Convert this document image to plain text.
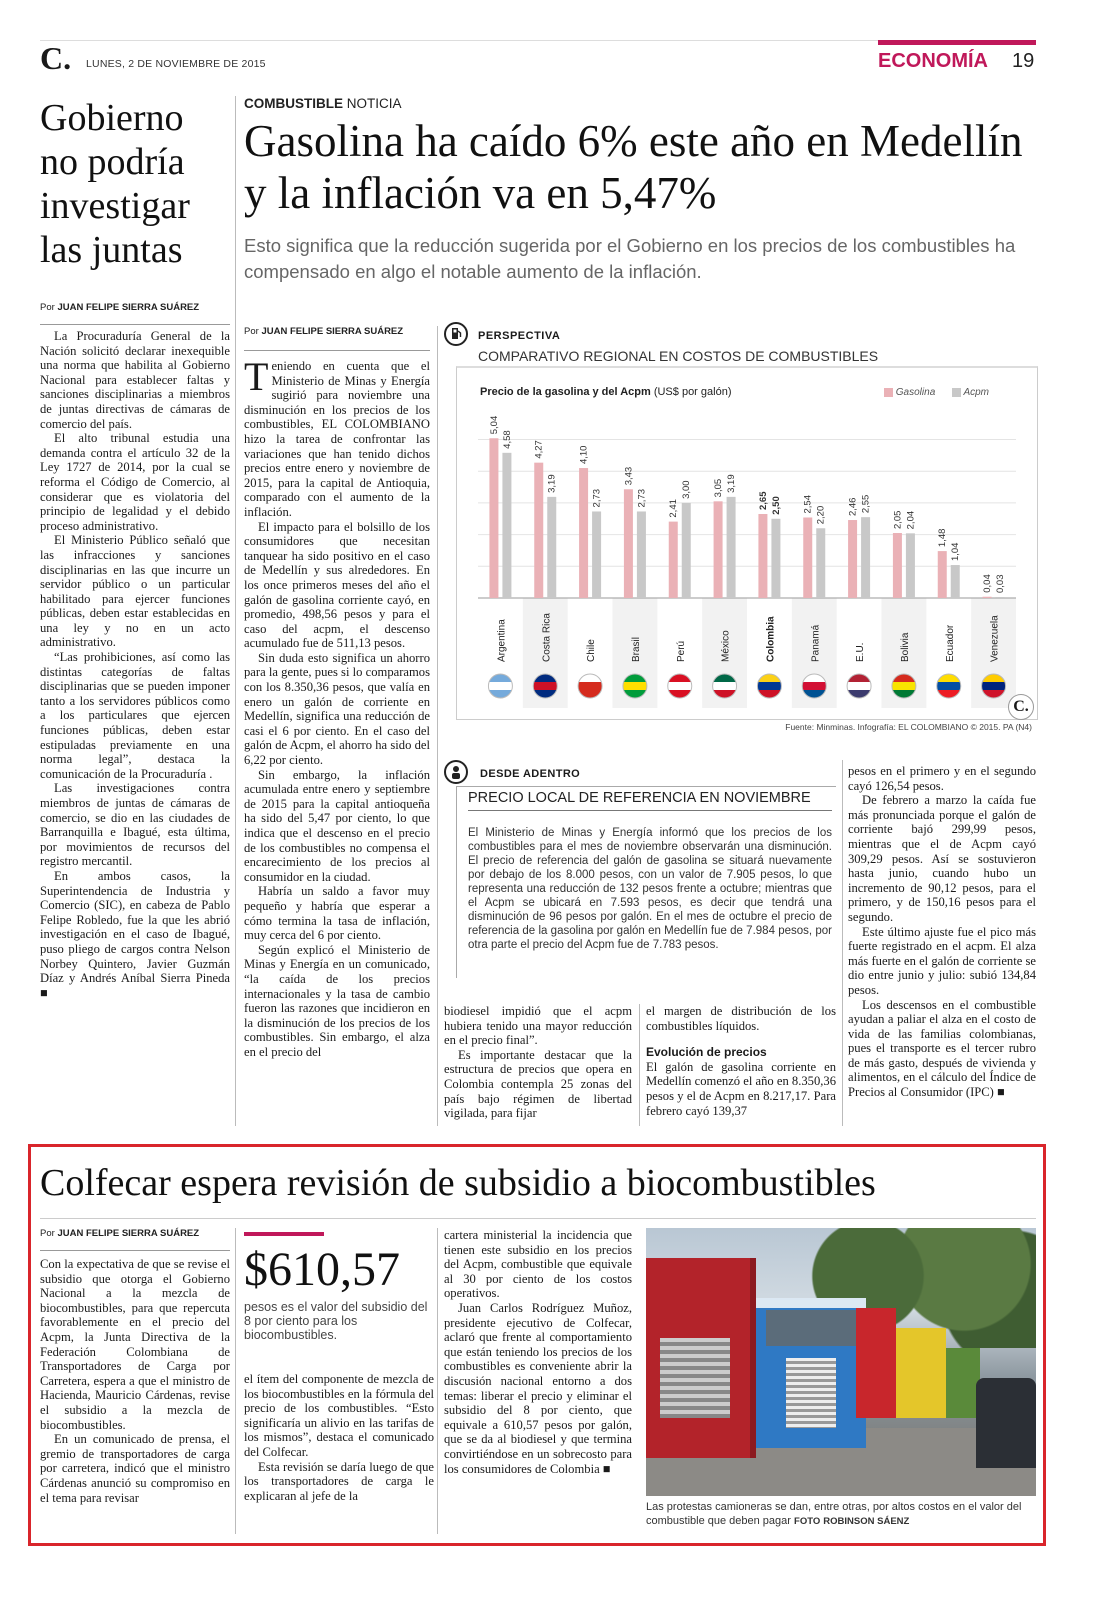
C. LUNES, 2 DE NOVIEMBRE DE 2015	ECONOMÍA 19
Gobierno
no podría
investigar
las juntas
Por JUAN FELIPE SIERRA SUÁREZ

La Procuraduría General de la Nación solicitó declarar inexequible una norma que habilita al Gobierno Nacional para establecer faltas y sanciones disciplinarias a miembros de juntas directivas de cámaras de comercio del país.

El alto tribunal estudia una demanda contra el artículo 32 de la Ley 1727 de 2014, por la cual se reforma el Código de Comercio, al considerar que es violatoria del principio de legalidad y el debido proceso administrativo.

El Ministerio Público señaló que las infracciones y sanciones disciplinarias en las que incurre un servidor público o un particular habilitado para ejercer funciones públicas, deben estar establecidas en una ley y no en un acto administrativo.

“Las prohibiciones, así como las distintas categorías de faltas disciplinarias que se pueden imponer tanto a los servidores públicos como a los particulares que ejercen funciones públicas, deben estar estipuladas previamente en una norma legal”, destaca la comunicación de la Procuraduría .

Las investigaciones contra miembros de juntas de cámaras de comercio, se dio en las ciudades de Barranquilla e Ibagué, esta última, por movimientos de recursos del registro mercantil.

En ambos casos, la Superintendencia de Industria y Comercio (SIC), en cabeza de Pablo Felipe Robledo, fue la que les abrió investigación en el caso de Ibagué, puso pliego de cargos contra Nelson Norbey Quintero, Javier Guzmán Díaz y Andrés Aníbal Sierra Pineda ■

COMBUSTIBLE NOTICIA
Gasolina ha caído 6% este año en Medellín y la inflación va en 5,47%
Esto significa que la reducción sugerida por el Gobierno en los precios de los combustibles ha compensado en algo el notable aumento de la inflación.
Por JUAN FELIPE SIERRA SUÁREZ

Teniendo en cuenta que el Ministerio de Minas y Energía sugirió para noviembre una disminución en los precios de los combustibles, EL COLOMBIANO hizo la tarea de confrontar las variaciones que han tenido dichos precios entre enero y noviembre de 2015, para la capital de Antioquia, comparado con el aumento de la inflación.

El impacto para el bolsillo de los consumidores que necesitan tanquear ha sido positivo en el caso de Medellín y sus alrededores. En los once primeros meses del año el galón de gasolina corriente cayó, en promedio, 498,56 pesos y para el caso del acpm, el descenso acumulado fue de 511,13 pesos.

Sin duda esto significa un ahorro para la gente, pues si lo comparamos con los 8.350,36 pesos, que valía en enero un galón de corriente en Medellín, significa una reducción de casi el 6 por ciento. En el caso del galón de Acpm, el ahorro ha sido del 6,22 por ciento.

Sin embargo, la inflación acumulada entre enero y septiembre de 2015 para la capital antioqueña ha sido del 5,47 por ciento, lo que indica que el descenso en el precio de los combustibles no compensa el encarecimiento de los precios al consumidor en la ciudad.

Habría un saldo a favor muy pequeño y habría que esperar a cómo termina la tasa de inflación, muy cerca del 6 por ciento.

Según explicó el Ministerio de Minas y Energía en un comunicado, “la caída de los precios internacionales y la tasa de cambio fueron las razones que incidieron en la disminución de los precios de los combustibles. Sin embargo, el alza en el precio del

PERSPECTIVA
COMPARATIVO REGIONAL EN COSTOS DE COMBUSTIBLES
Precio de la gasolina y del Acpm (US$ por galón)	Gasolina	Acpm
5,04
4,58
Argentina
4,27
3,19
Costa Rica
4,10
2,73
Chile
3,43
2,73
Brasil
2,41
3,00
Perú
3,05 3,19
México
2,65 2,50
Colombia
2,54
2,20
Panamá
2,46 2,55
E.U.
2,05 2,04
Bolivia
1,48
1,04
Ecuador
0,04 0,03
Venezuela
C.
Fuente: Minminas. Infografía: EL COLOMBIANO © 2015. PA (N4)
DESDE ADENTRO
PRECIO LOCAL DE REFERENCIA EN NOVIEMBRE
El Ministerio de Minas y Energía informó que los precios de los combustibles para el mes de noviembre observarán una disminución. El precio de referencia del galón de gasolina se situará nuevamente por debajo de los 8.000 pesos, con un valor de 7.905 pesos, lo que representa una reducción de 132 pesos frente a octubre; mientras que el Acpm se ubicará en 7.593 pesos, es decir que tendrá una disminución de 96 pesos por galón. En el mes de octubre el precio de referencia de la gasolina por galón en Medellín fue de 7.984 pesos, por otra parte el precio del Acpm fue de 7.783 pesos.

biodiesel impidió que el acpm hubiera tenido una mayor reducción en el precio final”.

Es importante destacar que la estructura de precios que opera en Colombia contempla 25 zonas del país bajo régimen de libertad vigilada, para fijar

el margen de distribución de los combustibles líquidos.

Evolución de precios

El galón de gasolina corriente en Medellín comenzó el año en 8.350,36 pesos y el de Acpm en 8.217,17. Para febrero cayó 139,37

pesos en el primero y en el segundo cayó 126,54 pesos.

De febrero a marzo la caída fue más pronunciada porque el galón de corriente bajó 299,99 pesos, mientras que el de Acpm cayó 309,29 pesos. Así se sostuvieron hasta junio, cuando hubo un incremento de 90,12 pesos, para el primero, y de 150,16 pesos para el segundo.

Este último ajuste fue el pico más fuerte registrado en el acpm. El alza más fuerte en el galón de corriente se dio entre junio y julio: subió 134,84 pesos.

Los descensos en el combustible ayudan a paliar el alza en el costo de vida de las familias colombianas, pues el transporte es el tercer rubro de más gasto, después de vivienda y alimentos, en el cálculo del Índice de Precios al Consumidor (IPC) ■

Colfecar espera revisión de subsidio a biocombustibles
Por JUAN FELIPE SIERRA SUÁREZ

Con la expectativa de que se revise el subsidio que otorga el Gobierno Nacional a la mezcla de biocombustibles, para que repercuta favorablemente en el precio del Acpm, la Junta Directiva de la Federación Colombiana de Transportadores de Carga por Carretera, espera a que el ministro de Hacienda, Mauricio Cárdenas, revise el subsidio a la mezcla de biocombustibles.

En un comunicado de prensa, el gremio de transportadores de carga por carretera, indicó que el ministro Cárdenas anunció su compromiso en el tema para revisar

$610,57
pesos es el valor del subsidio del 8 por ciento para los biocombustibles.

el ítem del componente de mezcla de los biocombustibles en la fórmula del precio de los combustibles. “Esto significaría un alivio en las tarifas de los mismos”, destaca el comunicado del Colfecar.

Esta revisión se daría luego de que los transportadores de carga le explicaran al jefe de la

cartera ministerial la incidencia que tienen este subsidio en los precios del Acpm, combustible que equivale al 30 por ciento de los costos operativos.

Juan Carlos Rodríguez Muñoz, presidente ejecutivo de Colfecar, aclaró que frente al comportamiento que están teniendo los precios de los combustibles es conveniente abrir la discusión nacional entorno a dos temas: liberar el precio y eliminar el subsidio del 8 por ciento, que equivale a 610,57 pesos por galón, que se da al biodiesel y que termina convirtiéndose en un sobrecosto para los consumidores de Colombia ■

Las protestas camioneras se dan, entre otras, por altos costos en el valor del combustible que deben pagar FOTO ROBINSON SÁENZ
